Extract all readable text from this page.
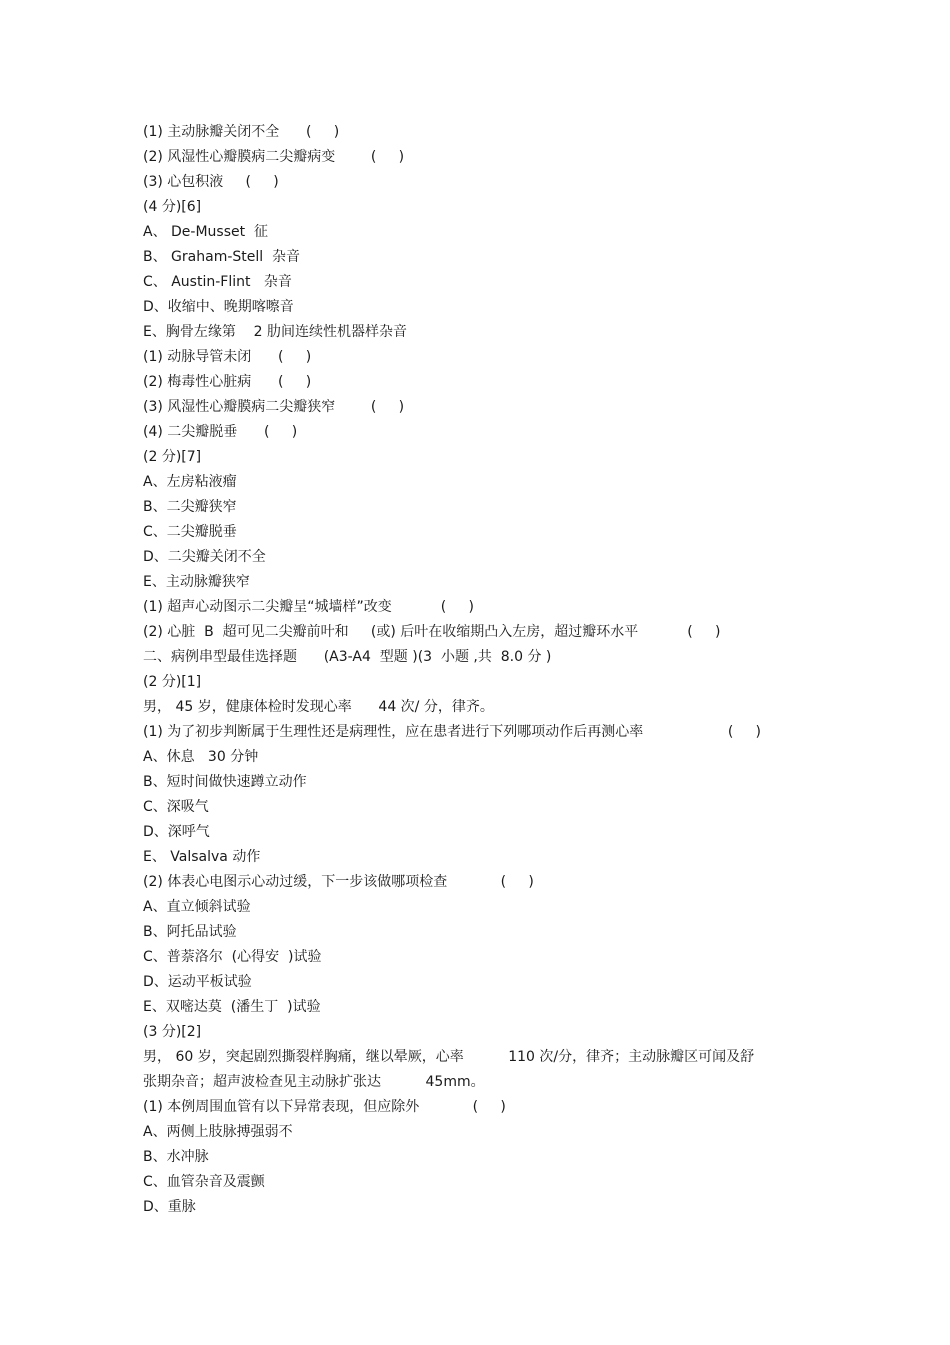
(1) 主动脉瓣关闭不全      (     )
(2) 风湿性心瓣膜病二尖瓣病变        (     )
(3) 心包积液     (     )
(4 分)[6]
A、 De-Musset  征
B、 Graham-Stell  杂音
C、 Austin-Flint   杂音
D、收缩中、晚期喀嚓音
E、胸骨左缘第    2 肋间连续性机器样杂音
(1) 动脉导管未闭      (     )
(2) 梅毒性心脏病      (     )
(3) 风湿性心瓣膜病二尖瓣狭窄        (     )
(4) 二尖瓣脱垂      (     )
(2 分)[7]
A、左房粘液瘤
B、二尖瓣狭窄
C、二尖瓣脱垂
D、二尖瓣关闭不全
E、主动脉瓣狭窄
(1) 超声心动图示二尖瓣呈“城墙样”改变           (     )
(2) 心脏  B  超可见二尖瓣前叶和     (或) 后叶在收缩期凸入左房，超过瓣环水平           (     )
二、病例串型最佳选择题      (A3-A4  型题 )(3  小题 ,共  8.0 分 )
(2 分)[1]
男， 45 岁，健康体检时发现心率      44 次/ 分，律齐。
(1) 为了初步判断属于生理性还是病理性，应在患者进行下列哪项动作后再测心率                   (     )
A、休息   30 分钟
B、短时间做快速蹲立动作
C、深吸气
D、深呼气
E、 Valsalva 动作
(2) 体表心电图示心动过缓，下一步该做哪项检查            (     )
A、直立倾斜试验
B、阿托品试验
C、普萘洛尔  (心得安  )试验
D、运动平板试验
E、双嘧达莫  (潘生丁  )试验
(3 分)[2]
男， 60 岁，突起剧烈撕裂样胸痛，继以晕厥，心率          110 次/分，律齐；主动脉瓣区可闻及舒
张期杂音；超声波检查见主动脉扩张达          45mm。
(1) 本例周围血管有以下异常表现，但应除外            (     )
A、两侧上肢脉搏强弱不
B、水冲脉
C、血管杂音及震颤
D、重脉
